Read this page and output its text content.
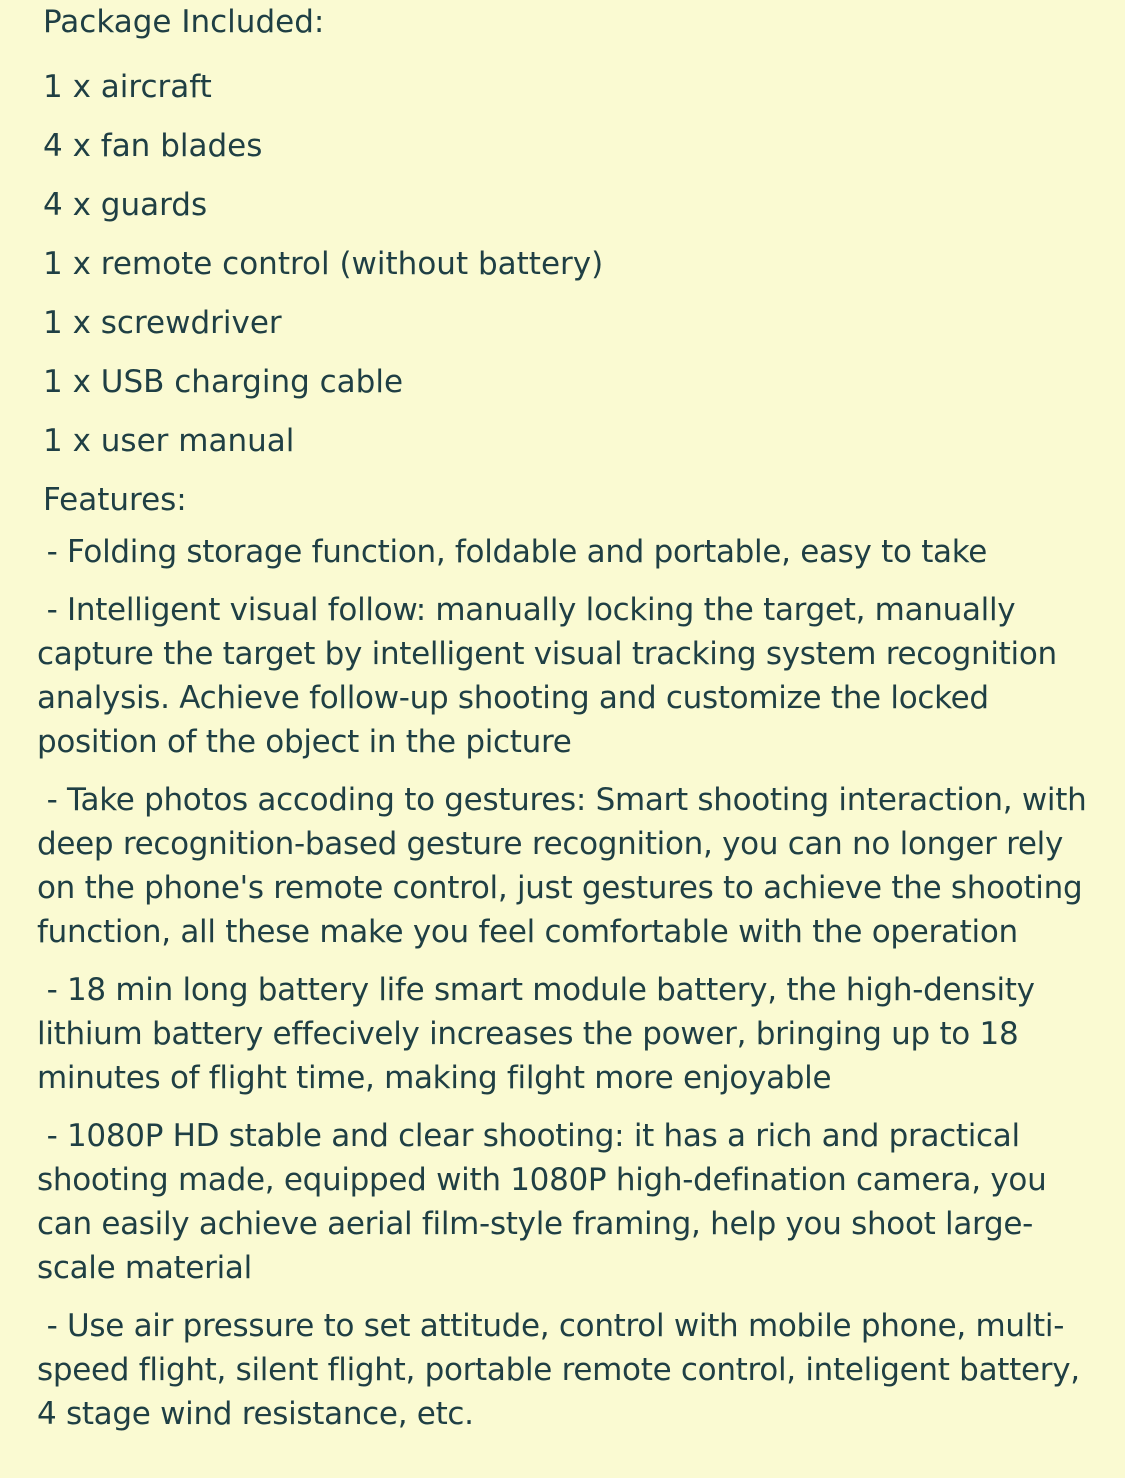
Package Included:

1 x aircraft

4 x fan blades

4 x guards

1 x remote control (without battery)

1 x screwdriver

1 x USB charging cable

1 x user manual

Features:

- Folding storage function, foldable and portable, easy to take

- Intelligent visual follow: manually locking the target, manually capture the target by intelligent visual tracking system recognition analysis. Achieve follow-up shooting and customize the locked position of the object in the picture

- Take photos accoding to gestures: Smart shooting interaction, with deep recognition-based gesture recognition, you can no longer rely on the phone's remote control, just gestures to achieve the shooting function, all these make you feel comfortable with the operation

- 18 min long battery life smart module battery, the high-density lithium battery effecively increases the power, bringing up to 18 minutes of flight time, making filght more enjoyable

- 1080P HD stable and clear shooting: it has a rich and practical shooting made, equipped with 1080P high-defination camera, you can easily achieve aerial film-style framing, help you shoot large-scale material

- Use air pressure to set attitude, control with mobile phone, multi-speed flight, silent flight, portable remote control, inteligent battery, 4 stage wind resistance, etc.
